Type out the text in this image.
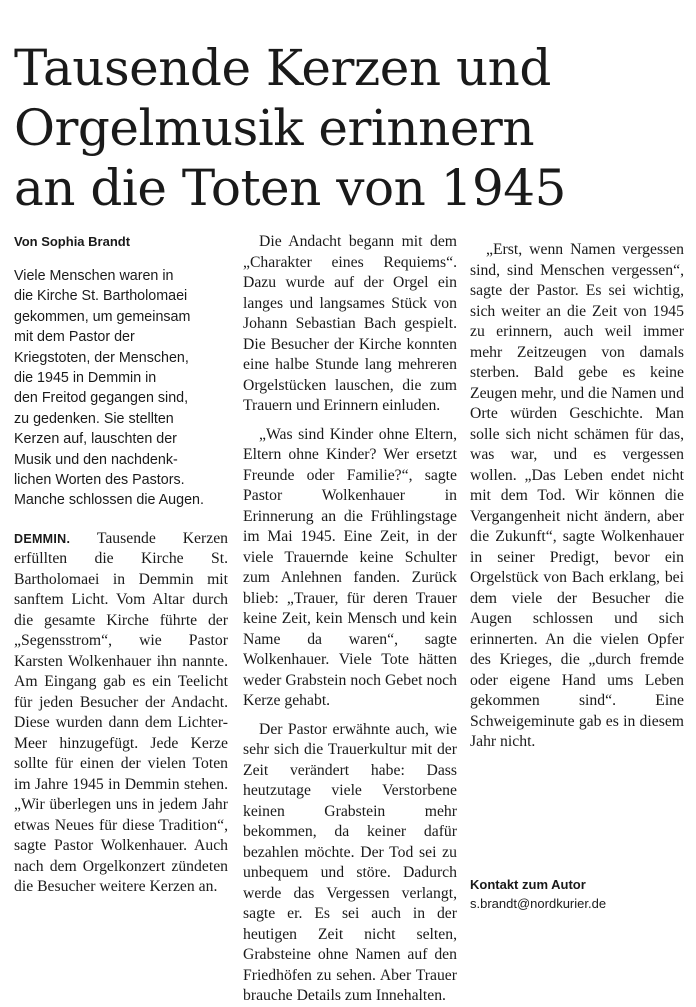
Tausende Kerzen und
Orgelmusik erinnern
an die Toten von 1945
Von Sophia Brandt
Viele Menschen waren in
die Kirche St. Bartholomaei
gekommen, um gemeinsam
mit dem Pastor der
Kriegstoten, der Menschen,
die 1945 in Demmin in
den Freitod gegangen sind,
zu gedenken. Sie stellten
Kerzen auf, lauschten der
Musik und den nachdenk-
lichen Worten des Pastors.
Manche schlossen die Augen.

DEMMIN. Tausende Kerzen erfüllten die Kirche St. Bartholomaei in Demmin mit sanftem Licht. Vom Altar durch die gesamte Kirche führte der „Segensstrom“, wie Pastor Karsten Wolkenhauer ihn nannte. Am Eingang gab es ein Teelicht für jeden Besucher der Andacht. Diese wurden dann dem Lichter-Meer hinzugefügt. Jede Kerze sollte für einen der vielen Toten im Jahre 1945 in Demmin stehen. „Wir überlegen uns in jedem Jahr etwas Neues für diese Tradition“, sagte Pastor Wolkenhauer. Auch nach dem Orgelkonzert zündeten die Besucher weitere Kerzen an.

Die Andacht begann mit dem „Charakter eines Requiems“. Dazu wurde auf der Orgel ein langes und langsames Stück von Johann Sebastian Bach gespielt. Die Besucher der Kirche konnten eine halbe Stunde lang mehreren Orgelstücken lauschen, die zum Trauern und Erinnern einluden.

„Was sind Kinder ohne Eltern, Eltern ohne Kinder? Wer ersetzt Freunde oder Familie?“, sagte Pastor Wolkenhauer in Erinnerung an die Frühlingstage im Mai 1945. Eine Zeit, in der viele Trauernde keine Schulter zum Anlehnen fanden. Zurück blieb: „Trauer, für deren Trauer keine Zeit, kein Mensch und kein Name da waren“, sagte Wolkenhauer. Viele Tote hätten weder Grabstein noch Gebet noch Kerze gehabt.

Der Pastor erwähnte auch, wie sehr sich die Trauerkultur mit der Zeit verändert habe: Dass heutzutage viele Verstorbene keinen Grabstein mehr bekommen, da keiner dafür bezahlen möchte. Der Tod sei zu unbequem und störe. Dadurch werde das Vergessen verlangt, sagte er. Es sei auch in der heutigen Zeit nicht selten, Grabsteine ohne Namen auf den Friedhöfen zu sehen. Aber Trauer brauche Details zum Innehalten.

„Erst, wenn Namen vergessen sind, sind Menschen vergessen“, sagte der Pastor. Es sei wichtig, sich weiter an die Zeit von 1945 zu erinnern, auch weil immer mehr Zeitzeugen von damals sterben. Bald gebe es keine Zeugen mehr, und die Namen und Orte würden Geschichte. Man solle sich nicht schämen für das, was war, und es vergessen wollen. „Das Leben endet nicht mit dem Tod. Wir können die Vergangenheit nicht ändern, aber die Zukunft“, sagte Wolkenhauer in seiner Predigt, bevor ein Orgelstück von Bach erklang, bei dem viele der Besucher die Augen schlossen und sich erinnerten. An die vielen Opfer des Krieges, die „durch fremde oder eigene Hand ums Leben gekommen sind“. Eine Schweigeminute gab es in diesem Jahr nicht.

Kontakt zum Autor
s.brandt@nordkurier.de
